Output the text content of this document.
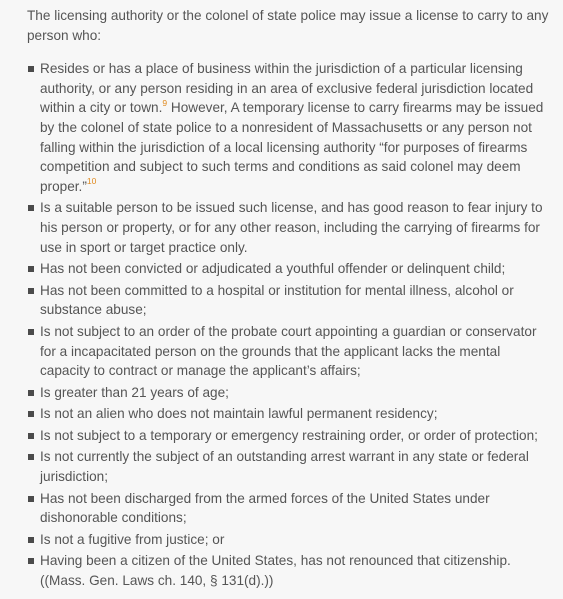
The licensing authority or the colonel of state police may issue a license to carry to any person who:

Resides or has a place of business within the jurisdiction of a particular licensing authority, or any person residing in an area of exclusive federal jurisdiction located within a city or town.$^9$ However, A temporary license to carry firearms may be issued by the colonel of state police to a nonresident of Massachusetts or any person not falling within the jurisdiction of a local licensing authority “for purposes of firearms competition and subject to such terms and conditions as said colonel may deem proper.”$^{10}$
Is a suitable person to be issued such license, and has good reason to fear injury to his person or property, or for any other reason, including the carrying of firearms for use in sport or target practice only.
Has not been convicted or adjudicated a youthful offender or delinquent child;
Has not been committed to a hospital or institution for mental illness, alcohol or substance abuse;
Is not subject to an order of the probate court appointing a guardian or conservator for a incapacitated person on the grounds that the applicant lacks the mental capacity to contract or manage the applicant’s affairs;
Is greater than 21 years of age;
Is not an alien who does not maintain lawful permanent residency;
Is not subject to a temporary or emergency restraining order, or order of protection;
Is not currently the subject of an outstanding arrest warrant in any state or federal jurisdiction;
Has not been discharged from the armed forces of the United States under dishonorable conditions;
Is not a fugitive from justice; or
Having been a citizen of the United States, has not renounced that citizenship. ((Mass. Gen. Laws ch. 140, § 131(d).))
